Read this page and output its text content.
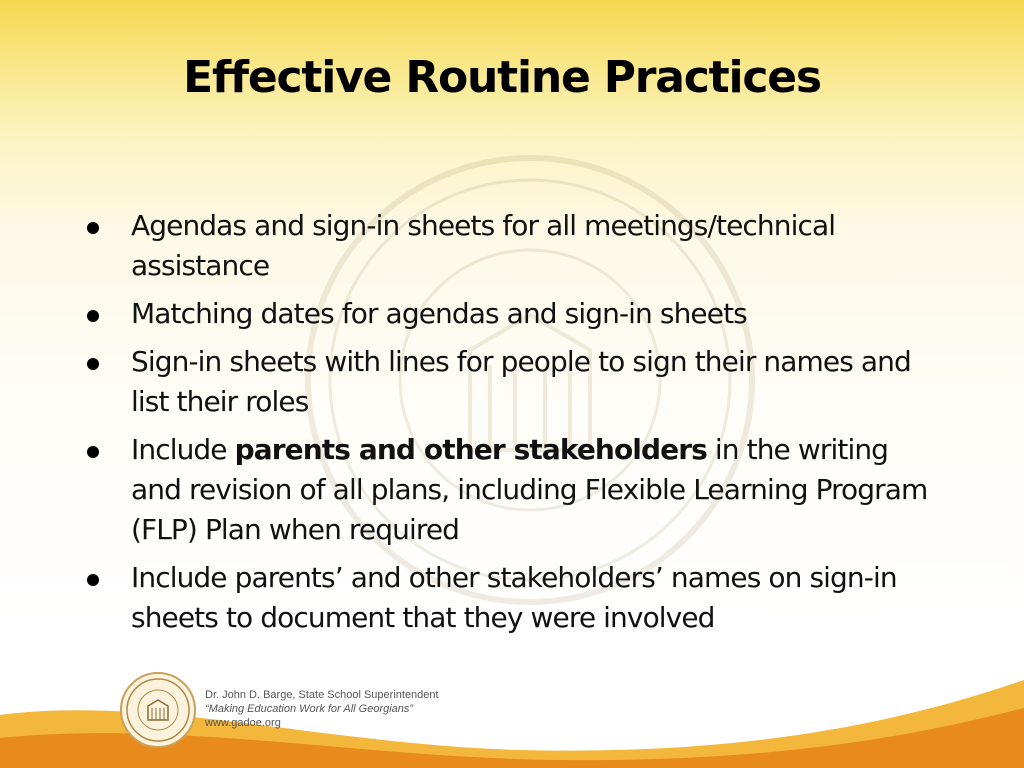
Effective Routine Practices
Agendas and sign-in sheets for all meetings/technical assistance
Matching dates for agendas and sign-in sheets
Sign-in sheets with lines for people to sign their names and list their roles
Include parents and other stakeholders in the writing and revision of all plans, including Flexible Learning Program (FLP) Plan when required
Include parents’ and other stakeholders’ names on sign-in sheets to document that they were involved
Dr. John D. Barge, State School Superintendent
“Making Education Work for All Georgians”
www.gadoe.org
